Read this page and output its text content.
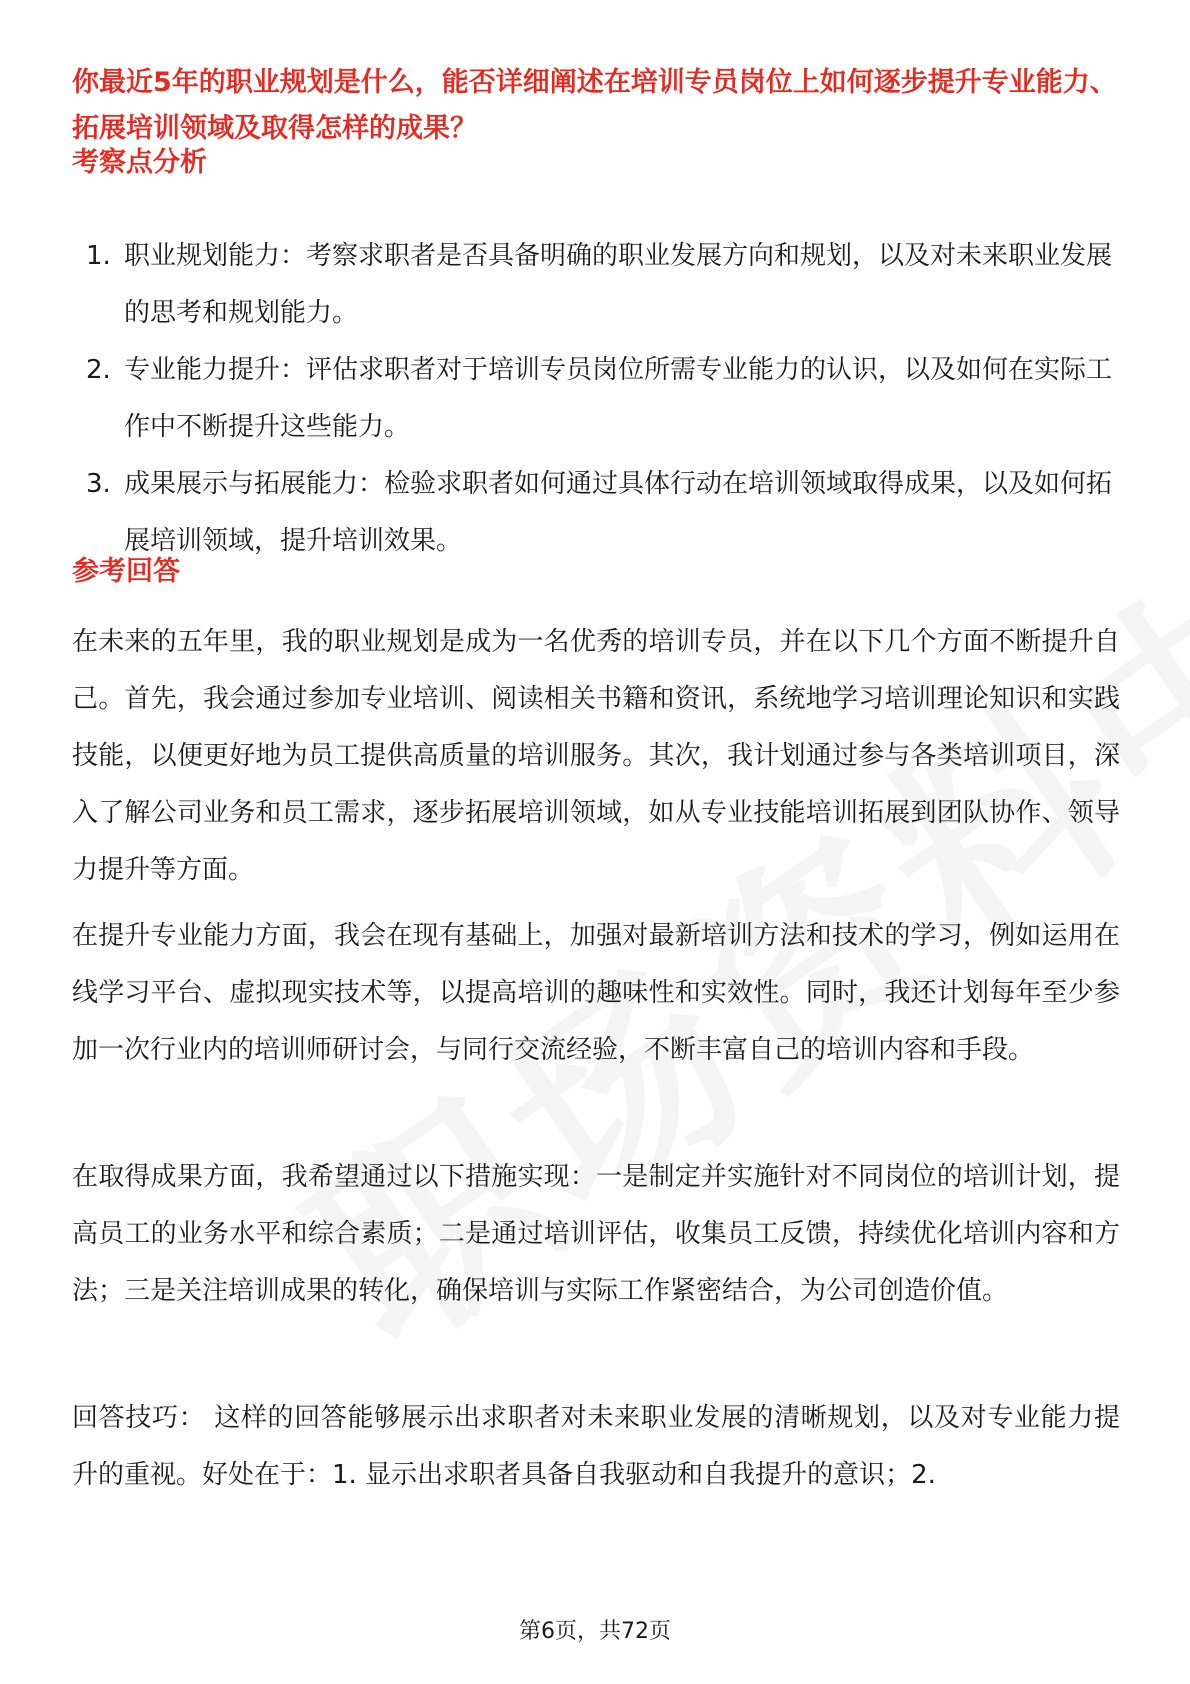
你最近5年的职业规划是什么，能否详细阐述在培训专员岗位上如何逐步提升专业能力、拓展培训领域及取得怎样的成果？
考察点分析
1. 职业规划能力：考察求职者是否具备明确的职业发展方向和规划，以及对未来职业发展的思考和规划能力。
2. 专业能力提升：评估求职者对于培训专员岗位所需专业能力的认识，以及如何在实际工作中不断提升这些能力。
3. 成果展示与拓展能力：检验求职者如何通过具体行动在培训领域取得成果，以及如何拓展培训领域，提升培训效果。
参考回答

在未来的五年里，我的职业规划是成为一名优秀的培训专员，并在以下几个方面不断提升自己。首先，我会通过参加专业培训、阅读相关书籍和资讯，系统地学习培训理论知识和实践技能，以便更好地为员工提供高质量的培训服务。其次，我计划通过参与各类培训项目，深入了解公司业务和员工需求，逐步拓展培训领域，如从专业技能培训拓展到团队协作、领导力提升等方面。

在提升专业能力方面，我会在现有基础上，加强对最新培训方法和技术的学习，例如运用在线学习平台、虚拟现实技术等，以提高培训的趣味性和实效性。同时，我还计划每年至少参加一次行业内的培训师研讨会，与同行交流经验，不断丰富自己的培训内容和手段。

在取得成果方面，我希望通过以下措施实现：一是制定并实施针对不同岗位的培训计划，提高员工的业务水平和综合素质；二是通过培训评估，收集员工反馈，持续优化培训内容和方法；三是关注培训成果的转化，确保培训与实际工作紧密结合，为公司创造价值。

回答技巧： 这样的回答能够展示出求职者对未来职业发展的清晰规划，以及对专业能力提升的重视。好处在于：1. 显示出求职者具备自我驱动和自我提升的意识；2.

第6页，共72页
